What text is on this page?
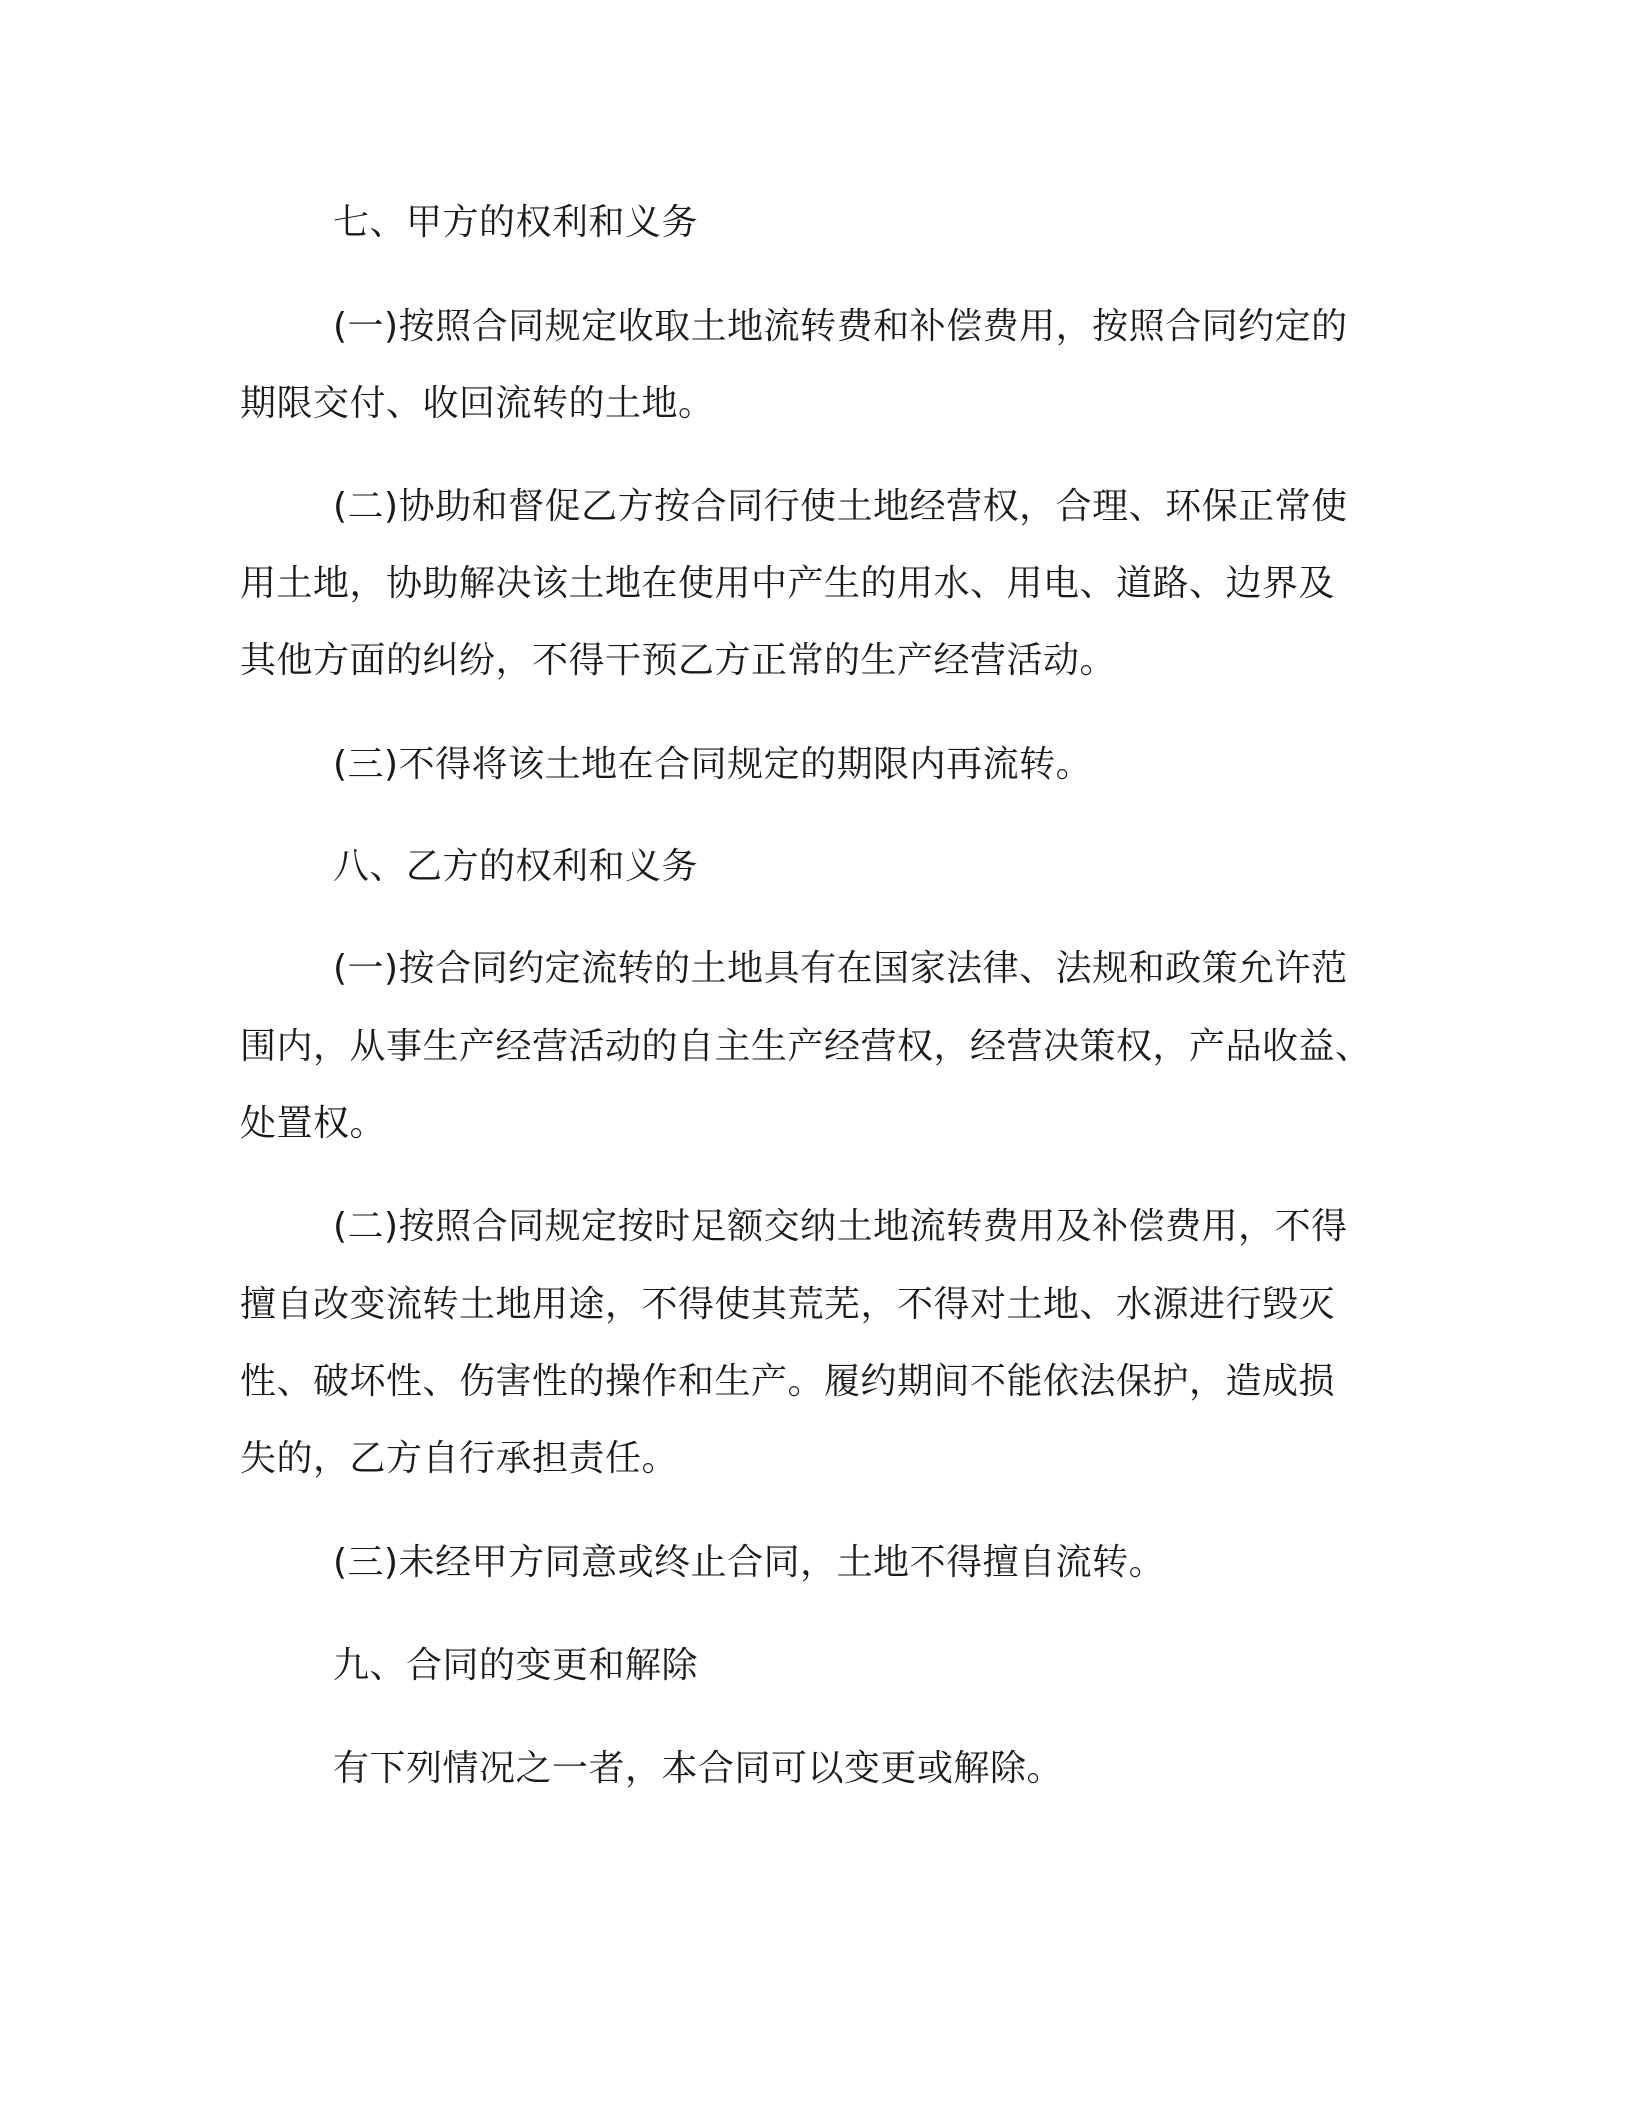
七、甲方的权利和义务
(一)按照合同规定收取土地流转费和补偿费用，按照合同约定的
期限交付、收回流转的土地。
(二)协助和督促乙方按合同行使土地经营权，合理、环保正常使
用土地，协助解决该土地在使用中产生的用水、用电、道路、边界及
其他方面的纠纷，不得干预乙方正常的生产经营活动。
(三)不得将该土地在合同规定的期限内再流转。
八、乙方的权利和义务
(一)按合同约定流转的土地具有在国家法律、法规和政策允许范
围内，从事生产经营活动的自主生产经营权，经营决策权，产品收益、
处置权。
(二)按照合同规定按时足额交纳土地流转费用及补偿费用，不得
擅自改变流转土地用途，不得使其荒芜，不得对土地、水源进行毁灭
性、破坏性、伤害性的操作和生产。履约期间不能依法保护，造成损
失的，乙方自行承担责任。
(三)未经甲方同意或终止合同，土地不得擅自流转。
九、合同的变更和解除
有下列情况之一者，本合同可以变更或解除。
